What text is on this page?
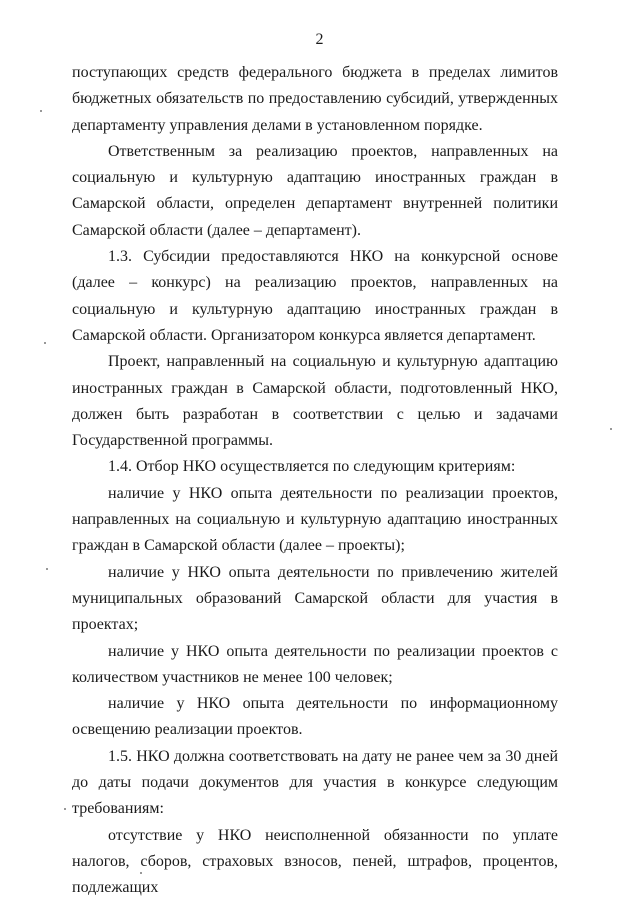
2

поступающих средств федерального бюджета в пределах лимитов бюджетных обязательств по предоставлению субсидий, утвержденных департаменту управления делами в установленном порядке.

Ответственным за реализацию проектов, направленных на социальную и культурную адаптацию иностранных граждан в Самарской области, определен департамент внутренней политики Самарской области (далее – департамент).

1.3. Субсидии предоставляются НКО на конкурсной основе (далее – конкурс) на реализацию проектов, направленных на социальную и культурную адаптацию иностранных граждан в Самарской области. Организатором конкурса является департамент.

Проект, направленный на социальную и культурную адаптацию иностранных граждан в Самарской области, подготовленный НКО, должен быть разработан в соответствии с целью и задачами Государственной программы.

1.4. Отбор НКО осуществляется по следующим критериям:

наличие у НКО опыта деятельности по реализации проектов, направленных на социальную и культурную адаптацию иностранных граждан в Самарской области (далее – проекты);

наличие у НКО опыта деятельности по привлечению жителей муниципальных образований Самарской области для участия в проектах;

наличие у НКО опыта деятельности по реализации проектов с количеством участников не менее 100 человек;

наличие у НКО опыта деятельности по информационному освещению реализации проектов.

1.5. НКО должна соответствовать на дату не ранее чем за 30 дней до даты подачи документов для участия в конкурсе следующим требованиям:

отсутствие у НКО неисполненной обязанности по уплате налогов, сборов, страховых взносов, пеней, штрафов, процентов, подлежащих
